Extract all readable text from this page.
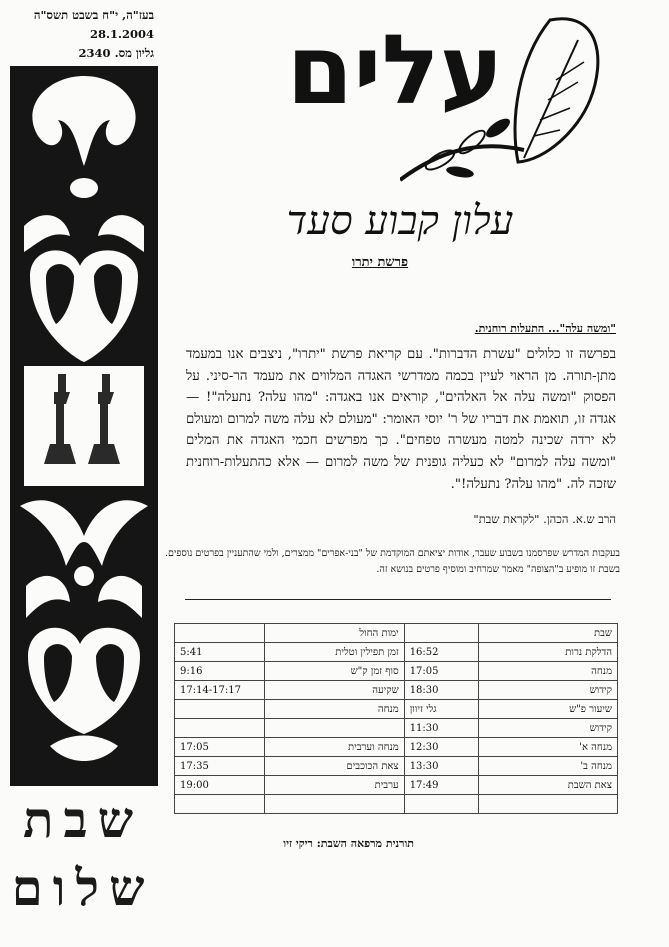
בעז"ה, י"ח בשבט תשס"ה
28.1.2004
גליון מס. 2340
שבת
שלום
עלים
עלון קבוע סעד
פרשת יתרו
"ומשה עלה"... התעלות רוחנית.
בפרשה זו כלולים "עשרת הדברות". עם קריאת פרשת "יתרו", ניצבים אנו במעמד מתן-תורה. מן הראוי לעיין בכמה ממדרשי האגדה המלווים את מעמד הר-סיני. על הפסוק "ומשה עלה אל האלהים", קוראים אנו באגדה: "מהו עלה? נתעלה"! — אגדה זו, תואמת את דבריו של ר' יוסי האומר: "מעולם לא עלה משה למרום ומעולם לא ירדה שכינה למטה מעשרה טפחים". כך מפרשים חכמי האגדה את המלים "ומשה עלה למרום" לא כעליה גופנית של משה למרום — אלא כהתעלות-רוחנית שזכה לה. "מהו עלה? נתעלה!".
הרב ש.א. הכהן. "לקראת שבת"
בעקבות המדרש שפרסמנו בשבוע שעבר, אודות יציאתם המוקדמת של "בני-אפרים" ממצרים, ולמי שהתעניין בפרטים נוספים. בשבת זו מופיע ב"הצופה" מאמר שמרחיב ומוסיף פרטים בנושא זה.
שבת		ימות החול	
הדלקת נרות	16:52	זמן תפילין וטלית	5:41
מנחה	17:05	סוף זמן ק"ש	9:16
קידוש	18:30	שקיעה	17:14-17:17
שיעור פ"ש	גלי זיוון	מנחה	
קידוש	11:30		
מנחה א'	12:30	מנחה וערבית	17:05
מנחה ב'	13:30	צאת הכוכבים	17:35
צאת השבת	17:49	ערבית	19:00

תורנית מרפאה השבת: ריקי זיו
